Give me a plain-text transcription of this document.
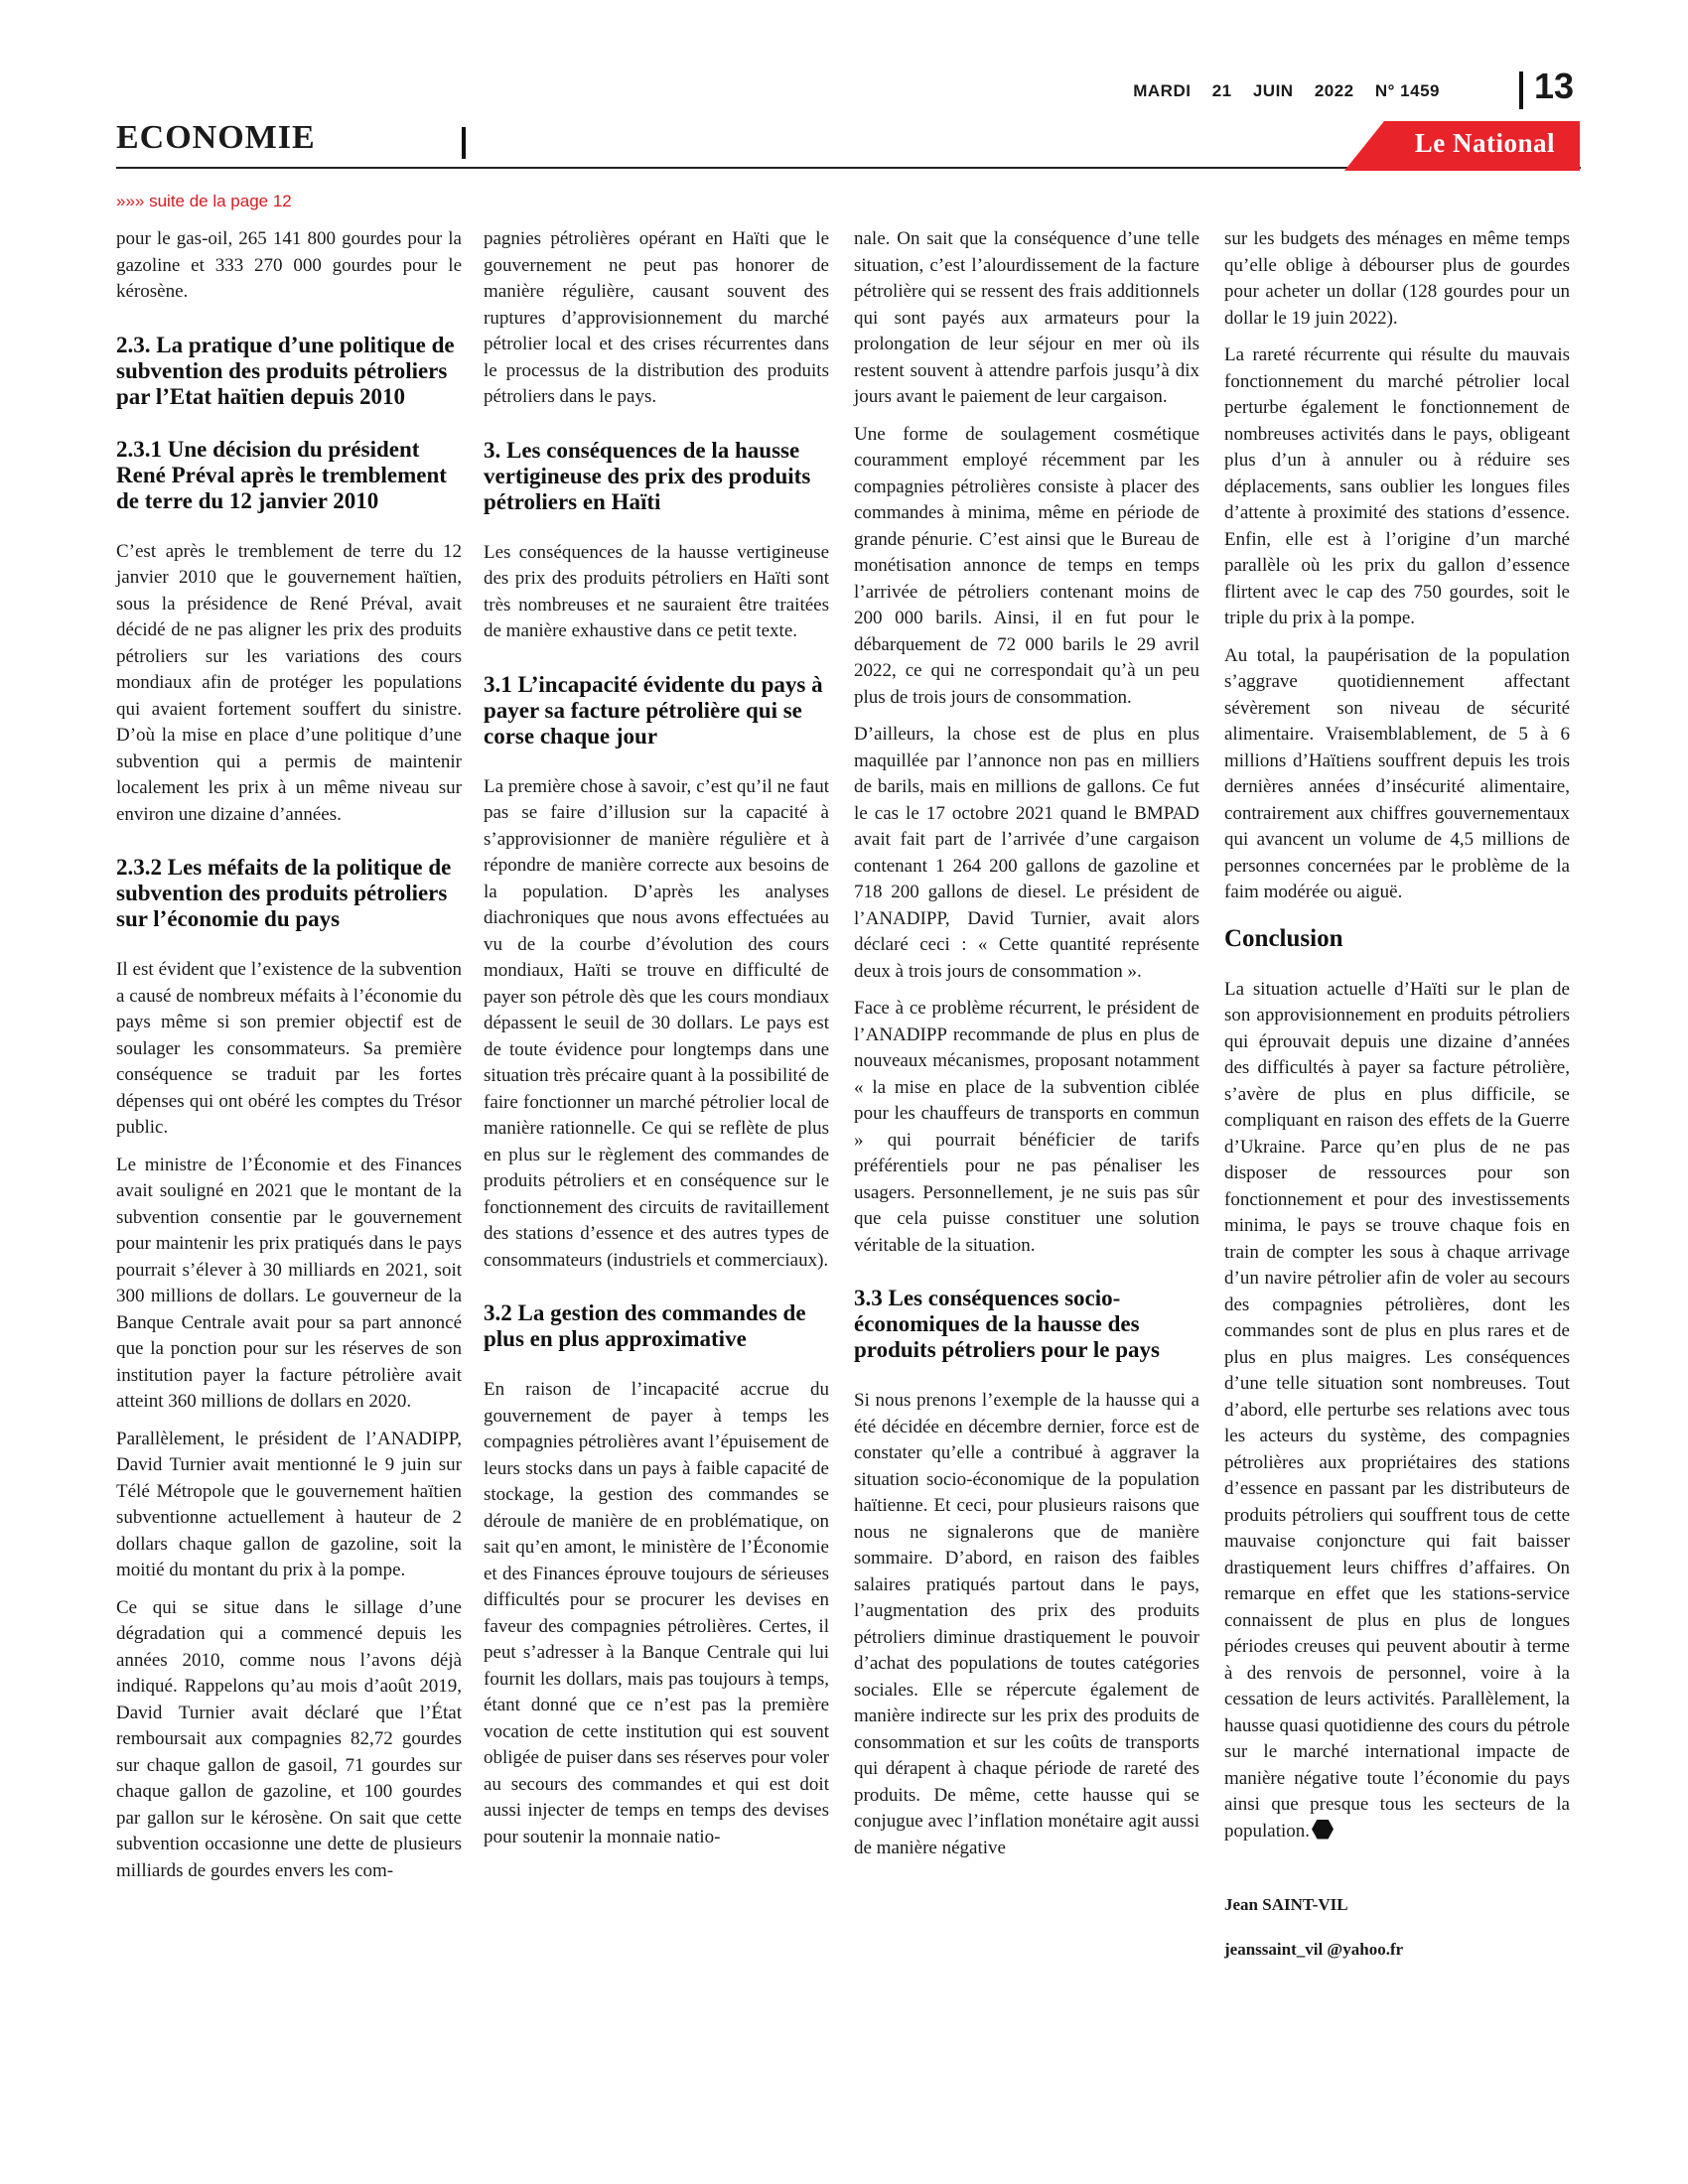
MARDI 21 JUIN 2022 N° 1459	13
ECONOMIE	Le National
»»» suite de la page 12

pour le gas-oil, 265 141 800 gourdes pour la gazoline et 333 270 000 gourdes pour le kérosène.

2.3. La pratique d’une politique de subvention des produits pétroliers par l’Etat haïtien depuis 2010
2.3.1 Une décision du président René Préval après le tremblement de terre du 12 janvier 2010

C’est après le tremblement de terre du 12 janvier 2010 que le gouvernement haïtien, sous la présidence de René Préval, avait décidé de ne pas aligner les prix des produits pétroliers sur les variations des cours mondiaux afin de protéger les populations qui avaient fortement souffert du sinistre. D’où la mise en place d’une politique d’une subvention qui a permis de maintenir localement les prix à un même niveau sur environ une dizaine d’années.

2.3.2 Les méfaits de la politique de subvention des produits pétroliers sur l’économie du pays

Il est évident que l’existence de la subvention a causé de nombreux méfaits à l’économie du pays même si son premier objectif est de soulager les consommateurs. Sa première conséquence se traduit par les fortes dépenses qui ont obéré les comptes du Trésor public.

Le ministre de l’Économie et des Finances avait souligné en 2021 que le montant de la subvention consentie par le gouvernement pour maintenir les prix pratiqués dans le pays pourrait s’élever à 30 milliards en 2021, soit 300 millions de dollars. Le gouverneur de la Banque Centrale avait pour sa part annoncé que la ponction pour sur les réserves de son institution payer la facture pétrolière avait atteint 360 millions de dollars en 2020.

Parallèlement, le président de l’ANADIPP, David Turnier avait mentionné le 9 juin sur Télé Métropole que le gouvernement haïtien subventionne actuellement à hauteur de 2 dollars chaque gallon de gazoline, soit la moitié du montant du prix à la pompe.

Ce qui se situe dans le sillage d’une dégradation qui a commencé depuis les années 2010, comme nous l’avons déjà indiqué. Rappelons qu’au mois d’août 2019, David Turnier avait déclaré que l’État remboursait aux compagnies 82,72 gourdes sur chaque gallon de gasoil, 71 gourdes sur chaque gallon de gazoline, et 100 gourdes par gallon sur le kérosène. On sait que cette subvention occasionne une dette de plusieurs milliards de gourdes envers les com-

pagnies pétrolières opérant en Haïti que le gouvernement ne peut pas honorer de manière régulière, causant souvent des ruptures d’approvisionnement du marché pétrolier local et des crises récurrentes dans le processus de la distribution des produits pétroliers dans le pays.

3. Les conséquences de la hausse vertigineuse des prix des produits pétroliers en Haïti

Les conséquences de la hausse vertigineuse des prix des produits pétroliers en Haïti sont très nombreuses et ne sauraient être traitées de manière exhaustive dans ce petit texte.

3.1 L’incapacité évidente du pays à payer sa facture pétrolière qui se corse chaque jour

La première chose à savoir, c’est qu’il ne faut pas se faire d’illusion sur la capacité à s’approvisionner de manière régulière et à répondre de manière correcte aux besoins de la population. D’après les analyses diachroniques que nous avons effectuées au vu de la courbe d’évolution des cours mondiaux, Haïti se trouve en difficulté de payer son pétrole dès que les cours mondiaux dépassent le seuil de 30 dollars. Le pays est de toute évidence pour longtemps dans une situation très précaire quant à la possibilité de faire fonctionner un marché pétrolier local de manière rationnelle. Ce qui se reflète de plus en plus sur le règlement des commandes de produits pétroliers et en conséquence sur le fonctionnement des circuits de ravitaillement des stations d’essence et des autres types de consommateurs (industriels et commerciaux).

3.2 La gestion des commandes de plus en plus approximative

En raison de l’incapacité accrue du gouvernement de payer à temps les compagnies pétrolières avant l’épuisement de leurs stocks dans un pays à faible capacité de stockage, la gestion des commandes se déroule de manière de en problématique, on sait qu’en amont, le ministère de l’Économie et des Finances éprouve toujours de sérieuses difficultés pour se procurer les devises en faveur des compagnies pétrolières. Certes, il peut s’adresser à la Banque Centrale qui lui fournit les dollars, mais pas toujours à temps, étant donné que ce n’est pas la première vocation de cette institution qui est souvent obligée de puiser dans ses réserves pour voler au secours des commandes et qui est doit aussi injecter de temps en temps des devises pour soutenir la monnaie natio-

nale. On sait que la conséquence d’une telle situation, c’est l’alourdissement de la facture pétrolière qui se ressent des frais additionnels qui sont payés aux armateurs pour la prolongation de leur séjour en mer où ils restent souvent à attendre parfois jusqu’à dix jours avant le paiement de leur cargaison.

Une forme de soulagement cosmétique couramment employé récemment par les compagnies pétrolières consiste à placer des commandes à minima, même en période de grande pénurie. C’est ainsi que le Bureau de monétisation annonce de temps en temps l’arrivée de pétroliers contenant moins de 200 000 barils. Ainsi, il en fut pour le débarquement de 72 000 barils le 29 avril 2022, ce qui ne correspondait qu’à un peu plus de trois jours de consommation.

D’ailleurs, la chose est de plus en plus maquillée par l’annonce non pas en milliers de barils, mais en millions de gallons. Ce fut le cas le 17 octobre 2021 quand le BMPAD avait fait part de l’arrivée d’une cargaison contenant 1 264 200 gallons de gazoline et 718 200 gallons de diesel. Le président de l’ANADIPP, David Turnier, avait alors déclaré ceci : « Cette quantité représente deux à trois jours de consommation ».

Face à ce problème récurrent, le président de l’ANADIPP recommande de plus en plus de nouveaux mécanismes, proposant notamment « la mise en place de la subvention ciblée pour les chauffeurs de transports en commun » qui pourrait bénéficier de tarifs préférentiels pour ne pas pénaliser les usagers. Personnellement, je ne suis pas sûr que cela puisse constituer une solution véritable de la situation.

3.3 Les conséquences socio-économiques de la hausse des produits pétroliers pour le pays

Si nous prenons l’exemple de la hausse qui a été décidée en décembre dernier, force est de constater qu’elle a contribué à aggraver la situation socio-économique de la population haïtienne. Et ceci, pour plusieurs raisons que nous ne signalerons que de manière sommaire. D’abord, en raison des faibles salaires pratiqués partout dans le pays, l’augmentation des prix des produits pétroliers diminue drastiquement le pouvoir d’achat des populations de toutes catégories sociales. Elle se répercute également de manière indirecte sur les prix des produits de consommation et sur les coûts de transports qui dérapent à chaque période de rareté des produits. De même, cette hausse qui se conjugue avec l’inflation monétaire agit aussi de manière négative

sur les budgets des ménages en même temps qu’elle oblige à débourser plus de gourdes pour acheter un dollar (128 gourdes pour un dollar le 19 juin 2022).

La rareté récurrente qui résulte du mauvais fonctionnement du marché pétrolier local perturbe également le fonctionnement de nombreuses activités dans le pays, obligeant plus d’un à annuler ou à réduire ses déplacements, sans oublier les longues files d’attente à proximité des stations d’essence. Enfin, elle est à l’origine d’un marché parallèle où les prix du gallon d’essence flirtent avec le cap des 750 gourdes, soit le triple du prix à la pompe.

Au total, la paupérisation de la population s’aggrave quotidiennement affectant sévèrement son niveau de sécurité alimentaire. Vraisemblablement, de 5 à 6 millions d’Haïtiens souffrent depuis les trois dernières années d’insécurité alimentaire, contrairement aux chiffres gouvernementaux qui avancent un volume de 4,5 millions de personnes concernées par le problème de la faim modérée ou aiguë.

Conclusion

La situation actuelle d’Haïti sur le plan de son approvisionnement en produits pétroliers qui éprouvait depuis une dizaine d’années des difficultés à payer sa facture pétrolière, s’avère de plus en plus difficile, se compliquant en raison des effets de la Guerre d’Ukraine. Parce qu’en plus de ne pas disposer de ressources pour son fonctionnement et pour des investissements minima, le pays se trouve chaque fois en train de compter les sous à chaque arrivage d’un navire pétrolier afin de voler au secours des compagnies pétrolières, dont les commandes sont de plus en plus rares et de plus en plus maigres. Les conséquences d’une telle situation sont nombreuses. Tout d’abord, elle perturbe ses relations avec tous les acteurs du système, des compagnies pétrolières aux propriétaires des stations d’essence en passant par les distributeurs de produits pétroliers qui souffrent tous de cette mauvaise conjoncture qui fait baisser drastiquement leurs chiffres d’affaires. On remarque en effet que les stations-service connaissent de plus en plus de longues périodes creuses qui peuvent aboutir à terme à des renvois de personnel, voire à la cessation de leurs activités. Parallèlement, la hausse quasi quotidienne des cours du pétrole sur le marché international impacte de manière négative toute l’économie du pays ainsi que presque tous les secteurs de la population.

Jean SAINT-VIL

jeanssaint_vil @yahoo.fr
